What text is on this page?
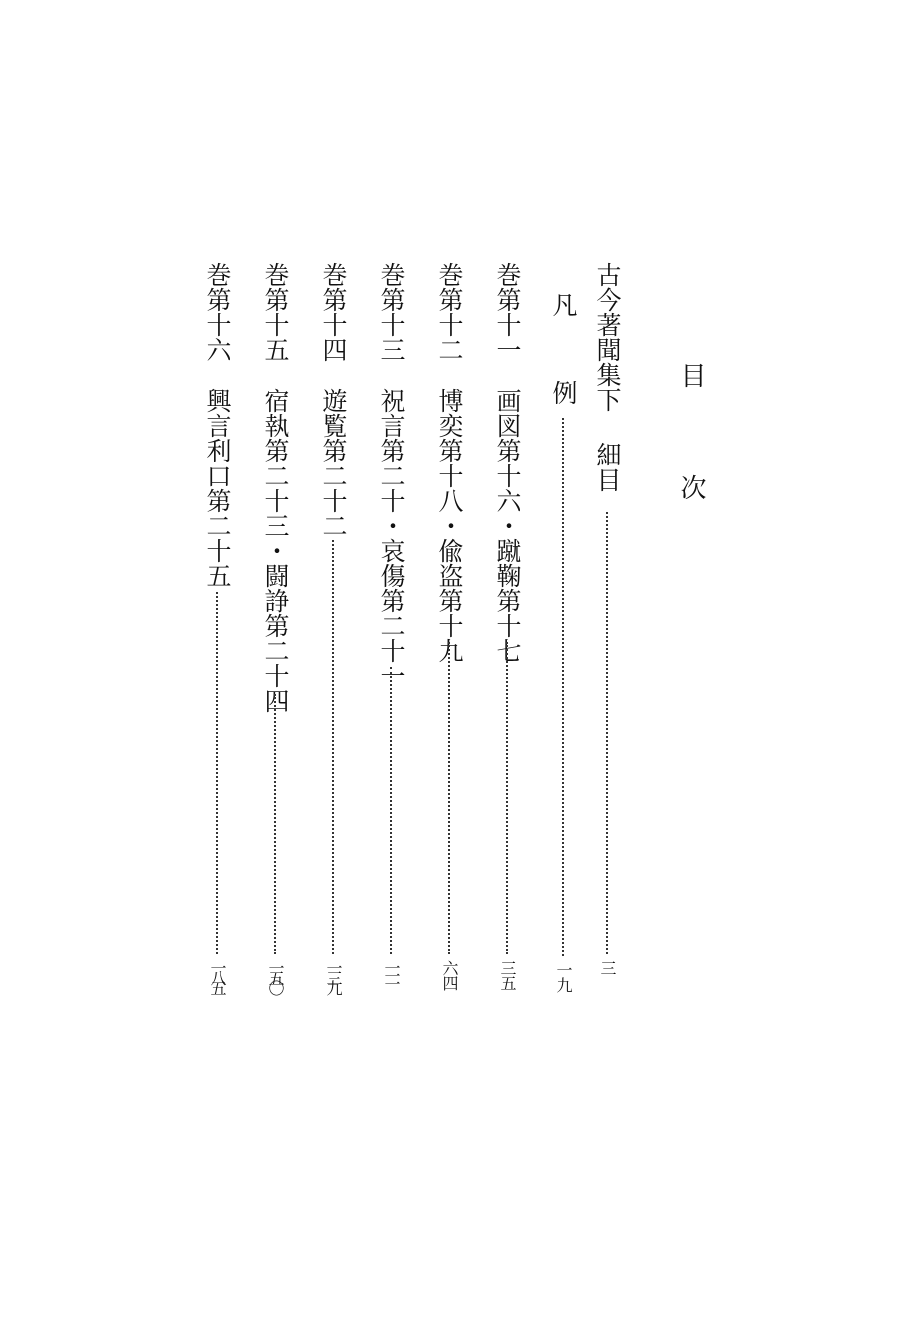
目　次
古今著聞集下
細目
三
凡
例
一九
巻第十一
画図第十六・蹴鞠第十七
三五
巻第十二
博奕第十八・偸盗第十九
六四
巻第十三
祝言第二十・哀傷第二十一
一一一
巻第十四
遊覧第二十二
一三九
巻第十五
宿執第二十三・闘諍第二十四
一五〇
巻第十六
興言利口第二十五
一八五
